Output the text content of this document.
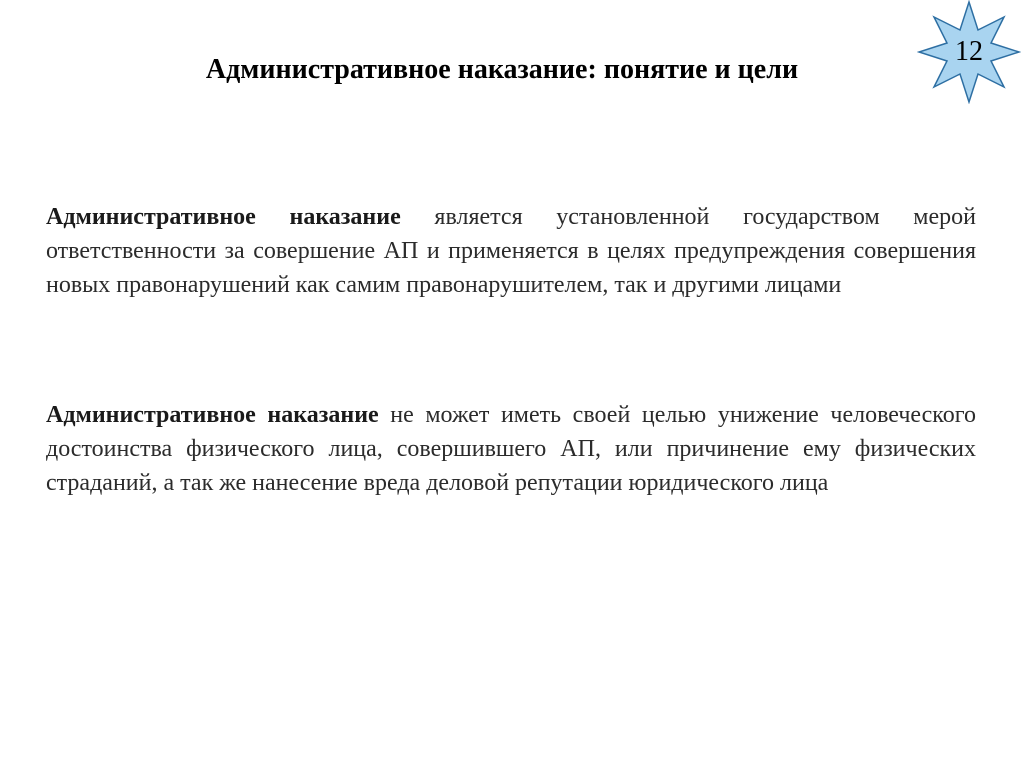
Административное наказание: понятие и цели
12

Административное наказание является установленной государством мерой ответственности за совершение АП и применяется в целях предупреждения совершения новых правонарушений как самим правонарушителем, так и другими лицами

Административное наказание не может иметь своей целью унижение человеческого достоинства физического лица, совершившего АП, или причинение ему физических страданий, а так же нанесение вреда деловой репутации юридического лица
